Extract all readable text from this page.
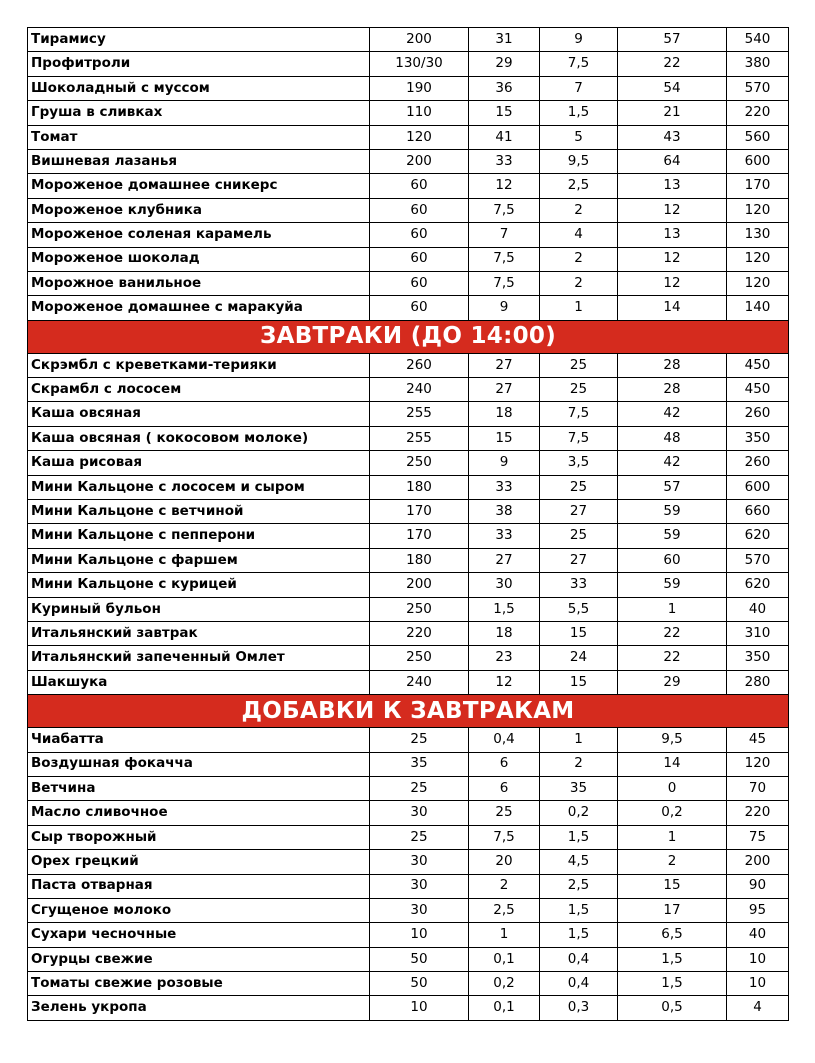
Тирамису	200	31	9	57	540
Профитроли	130/30	29	7,5	22	380
Шоколадный с муссом	190	36	7	54	570
Груша в сливках	110	15	1,5	21	220
Томат	120	41	5	43	560
Вишневая лазанья	200	33	9,5	64	600
Мороженое домашнее сникерс	60	12	2,5	13	170
Мороженое клубника	60	7,5	2	12	120
Мороженое соленая карамель	60	7	4	13	130
Мороженое шоколад	60	7,5	2	12	120
Морожное ванильное	60	7,5	2	12	120
Мороженое домашнее с маракуйа	60	9	1	14	140
ЗАВТРАКИ (ДО 14:00)					
Скрэмбл с креветками-терияки	260	27	25	28	450
Скрамбл с лососем	240	27	25	28	450
Каша овсяная	255	18	7,5	42	260
Каша овсяная ( кокосовом молоке)	255	15	7,5	48	350
Каша рисовая	250	9	3,5	42	260
Мини Кальцоне с лососем и сыром	180	33	25	57	600
Мини Кальцоне с ветчиной	170	38	27	59	660
Мини Кальцоне с пепперони	170	33	25	59	620
Мини Кальцоне с фаршем	180	27	27	60	570
Мини Кальцоне с курицей	200	30	33	59	620
Куриный бульон	250	1,5	5,5	1	40
Итальянский завтрак	220	18	15	22	310
Итальянский запеченный Омлет	250	23	24	22	350
Шакшука	240	12	15	29	280
ДОБАВКИ К ЗАВТРАКАМ					
Чиабатта	25	0,4	1	9,5	45
Воздушная фокачча	35	6	2	14	120
Ветчина	25	6	35	0	70
Масло сливочное	30	25	0,2	0,2	220
Сыр творожный	25	7,5	1,5	1	75
Орех грецкий	30	20	4,5	2	200
Паста отварная	30	2	2,5	15	90
Сгущеное молоко	30	2,5	1,5	17	95
Сухари чесночные	10	1	1,5	6,5	40
Огурцы свежие	50	0,1	0,4	1,5	10
Томаты свежие розовые	50	0,2	0,4	1,5	10
Зелень укропа	10	0,1	0,3	0,5	4
